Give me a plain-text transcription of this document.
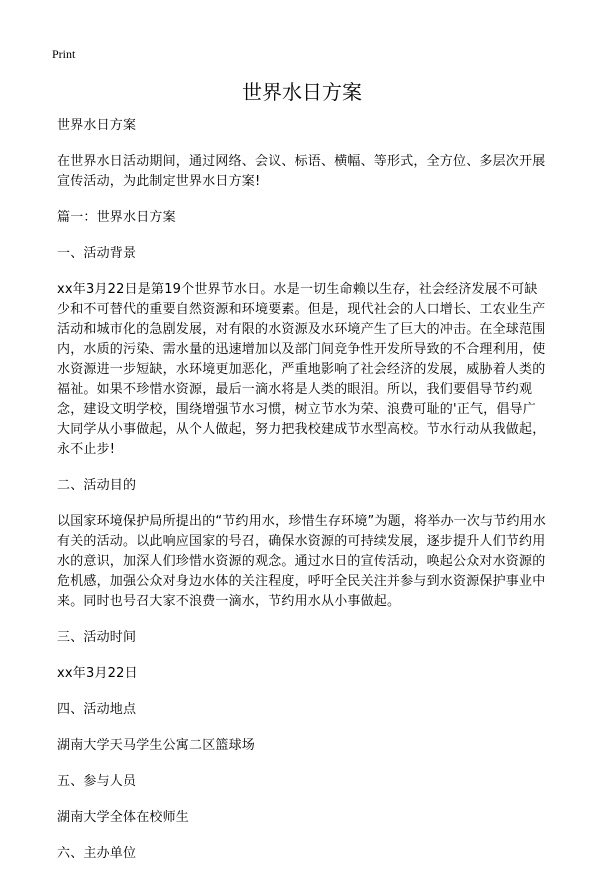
Print
世界水日方案

世界水日方案

在世界水日活动期间，通过网络、会议、标语、横幅、等形式，全方位、多层次开展宣传活动，为此制定世界水日方案!

篇一：世界水日方案

一、活动背景

xx年3月22日是第19个世界节水日。水是一切生命赖以生存，社会经济发展不可缺少和不可替代的重要自然资源和环境要素。但是，现代社会的人口增长、工农业生产活动和城市化的急剧发展，对有限的水资源及水环境产生了巨大的冲击。在全球范围内，水质的污染、需水量的迅速增加以及部门间竞争性开发所导致的不合理利用，使水资源进一步短缺，水环境更加恶化，严重地影响了社会经济的发展，威胁着人类的福祉。如果不珍惜水资源，最后一滴水将是人类的眼泪。所以，我们要倡导节约观念，建设文明学校，围绕增强节水习惯，树立节水为荣、浪费可耻的'正气，倡导广大同学从小事做起，从个人做起，努力把我校建成节水型高校。节水行动从我做起，永不止步!

二、活动目的

以国家环境保护局所提出的“节约用水，珍惜生存环境”为题，将举办一次与节约用水有关的活动。以此响应国家的号召，确保水资源的可持续发展，逐步提升人们节约用水的意识，加深人们珍惜水资源的观念。通过水日的宣传活动，唤起公众对水资源的危机感，加强公众对身边水体的关注程度，呼吁全民关注并参与到水资源保护事业中来。同时也号召大家不浪费一滴水，节约用水从小事做起。

三、活动时间

xx年3月22日

四、活动地点

湖南大学天马学生公寓二区篮球场

五、参与人员

湖南大学全体在校师生

六、主办单位
